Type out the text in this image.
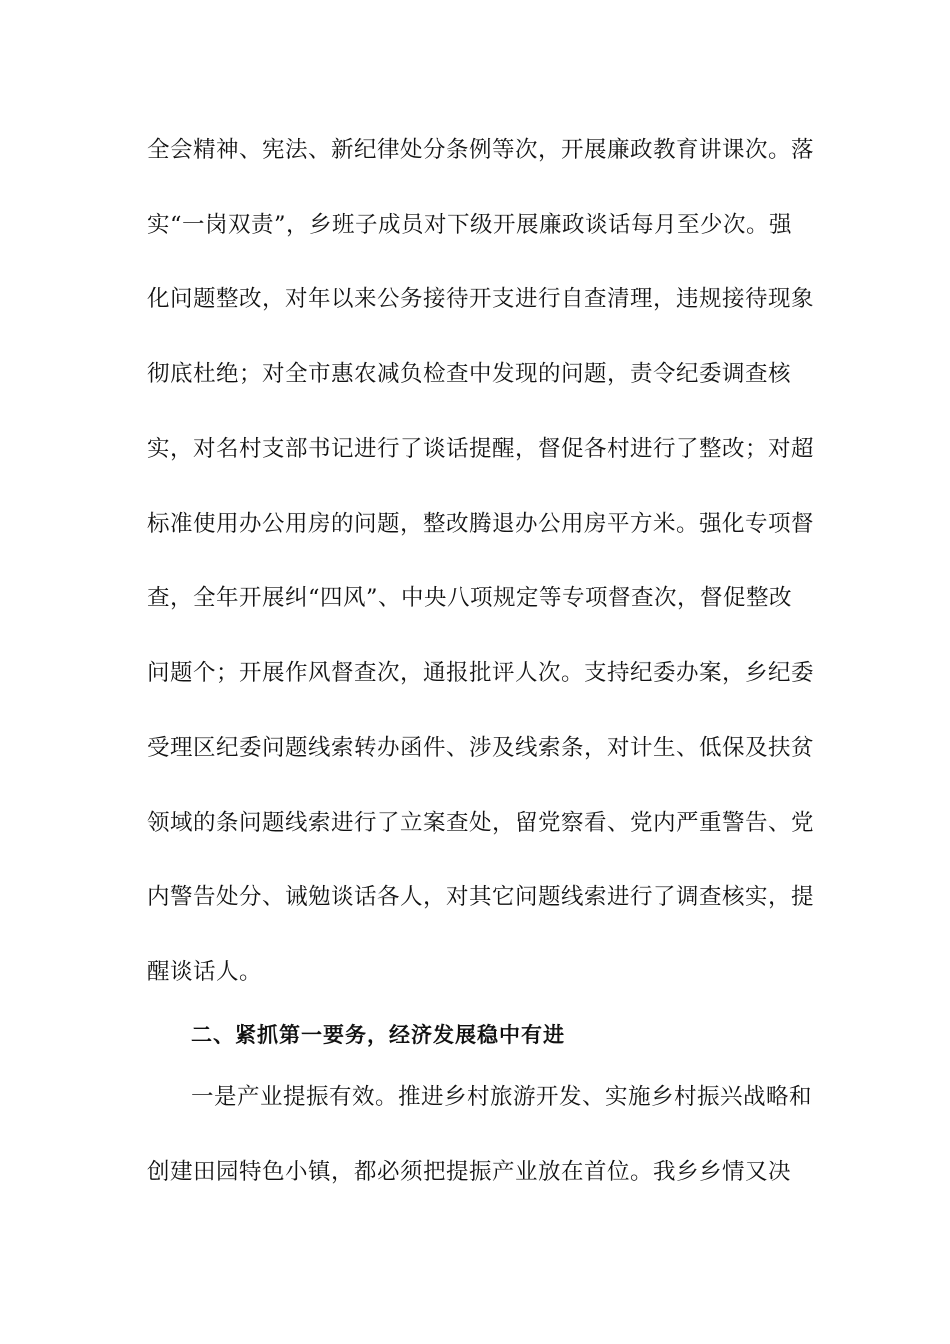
全会精神、宪法、新纪律处分条例等次，开展廉政教育讲课次。落
实“一岗双责”，乡班子成员对下级开展廉政谈话每月至少次。强
化问题整改，对年以来公务接待开支进行自查清理，违规接待现象
彻底杜绝；对全市惠农减负检查中发现的问题，责令纪委调查核
实，对名村支部书记进行了谈话提醒，督促各村进行了整改；对超
标准使用办公用房的问题，整改腾退办公用房平方米。强化专项督
查，全年开展纠“四风”、中央八项规定等专项督查次，督促整改
问题个；开展作风督查次，通报批评人次。支持纪委办案，乡纪委
受理区纪委问题线索转办函件、涉及线索条，对计生、低保及扶贫
领域的条问题线索进行了立案查处，留党察看、党内严重警告、党
内警告处分、诫勉谈话各人，对其它问题线索进行了调查核实，提
醒谈话人。
二、紧抓第一要务，经济发展稳中有进
一是产业提振有效。推进乡村旅游开发、实施乡村振兴战略和
创建田园特色小镇，都必须把提振产业放在首位。我乡乡情又决
